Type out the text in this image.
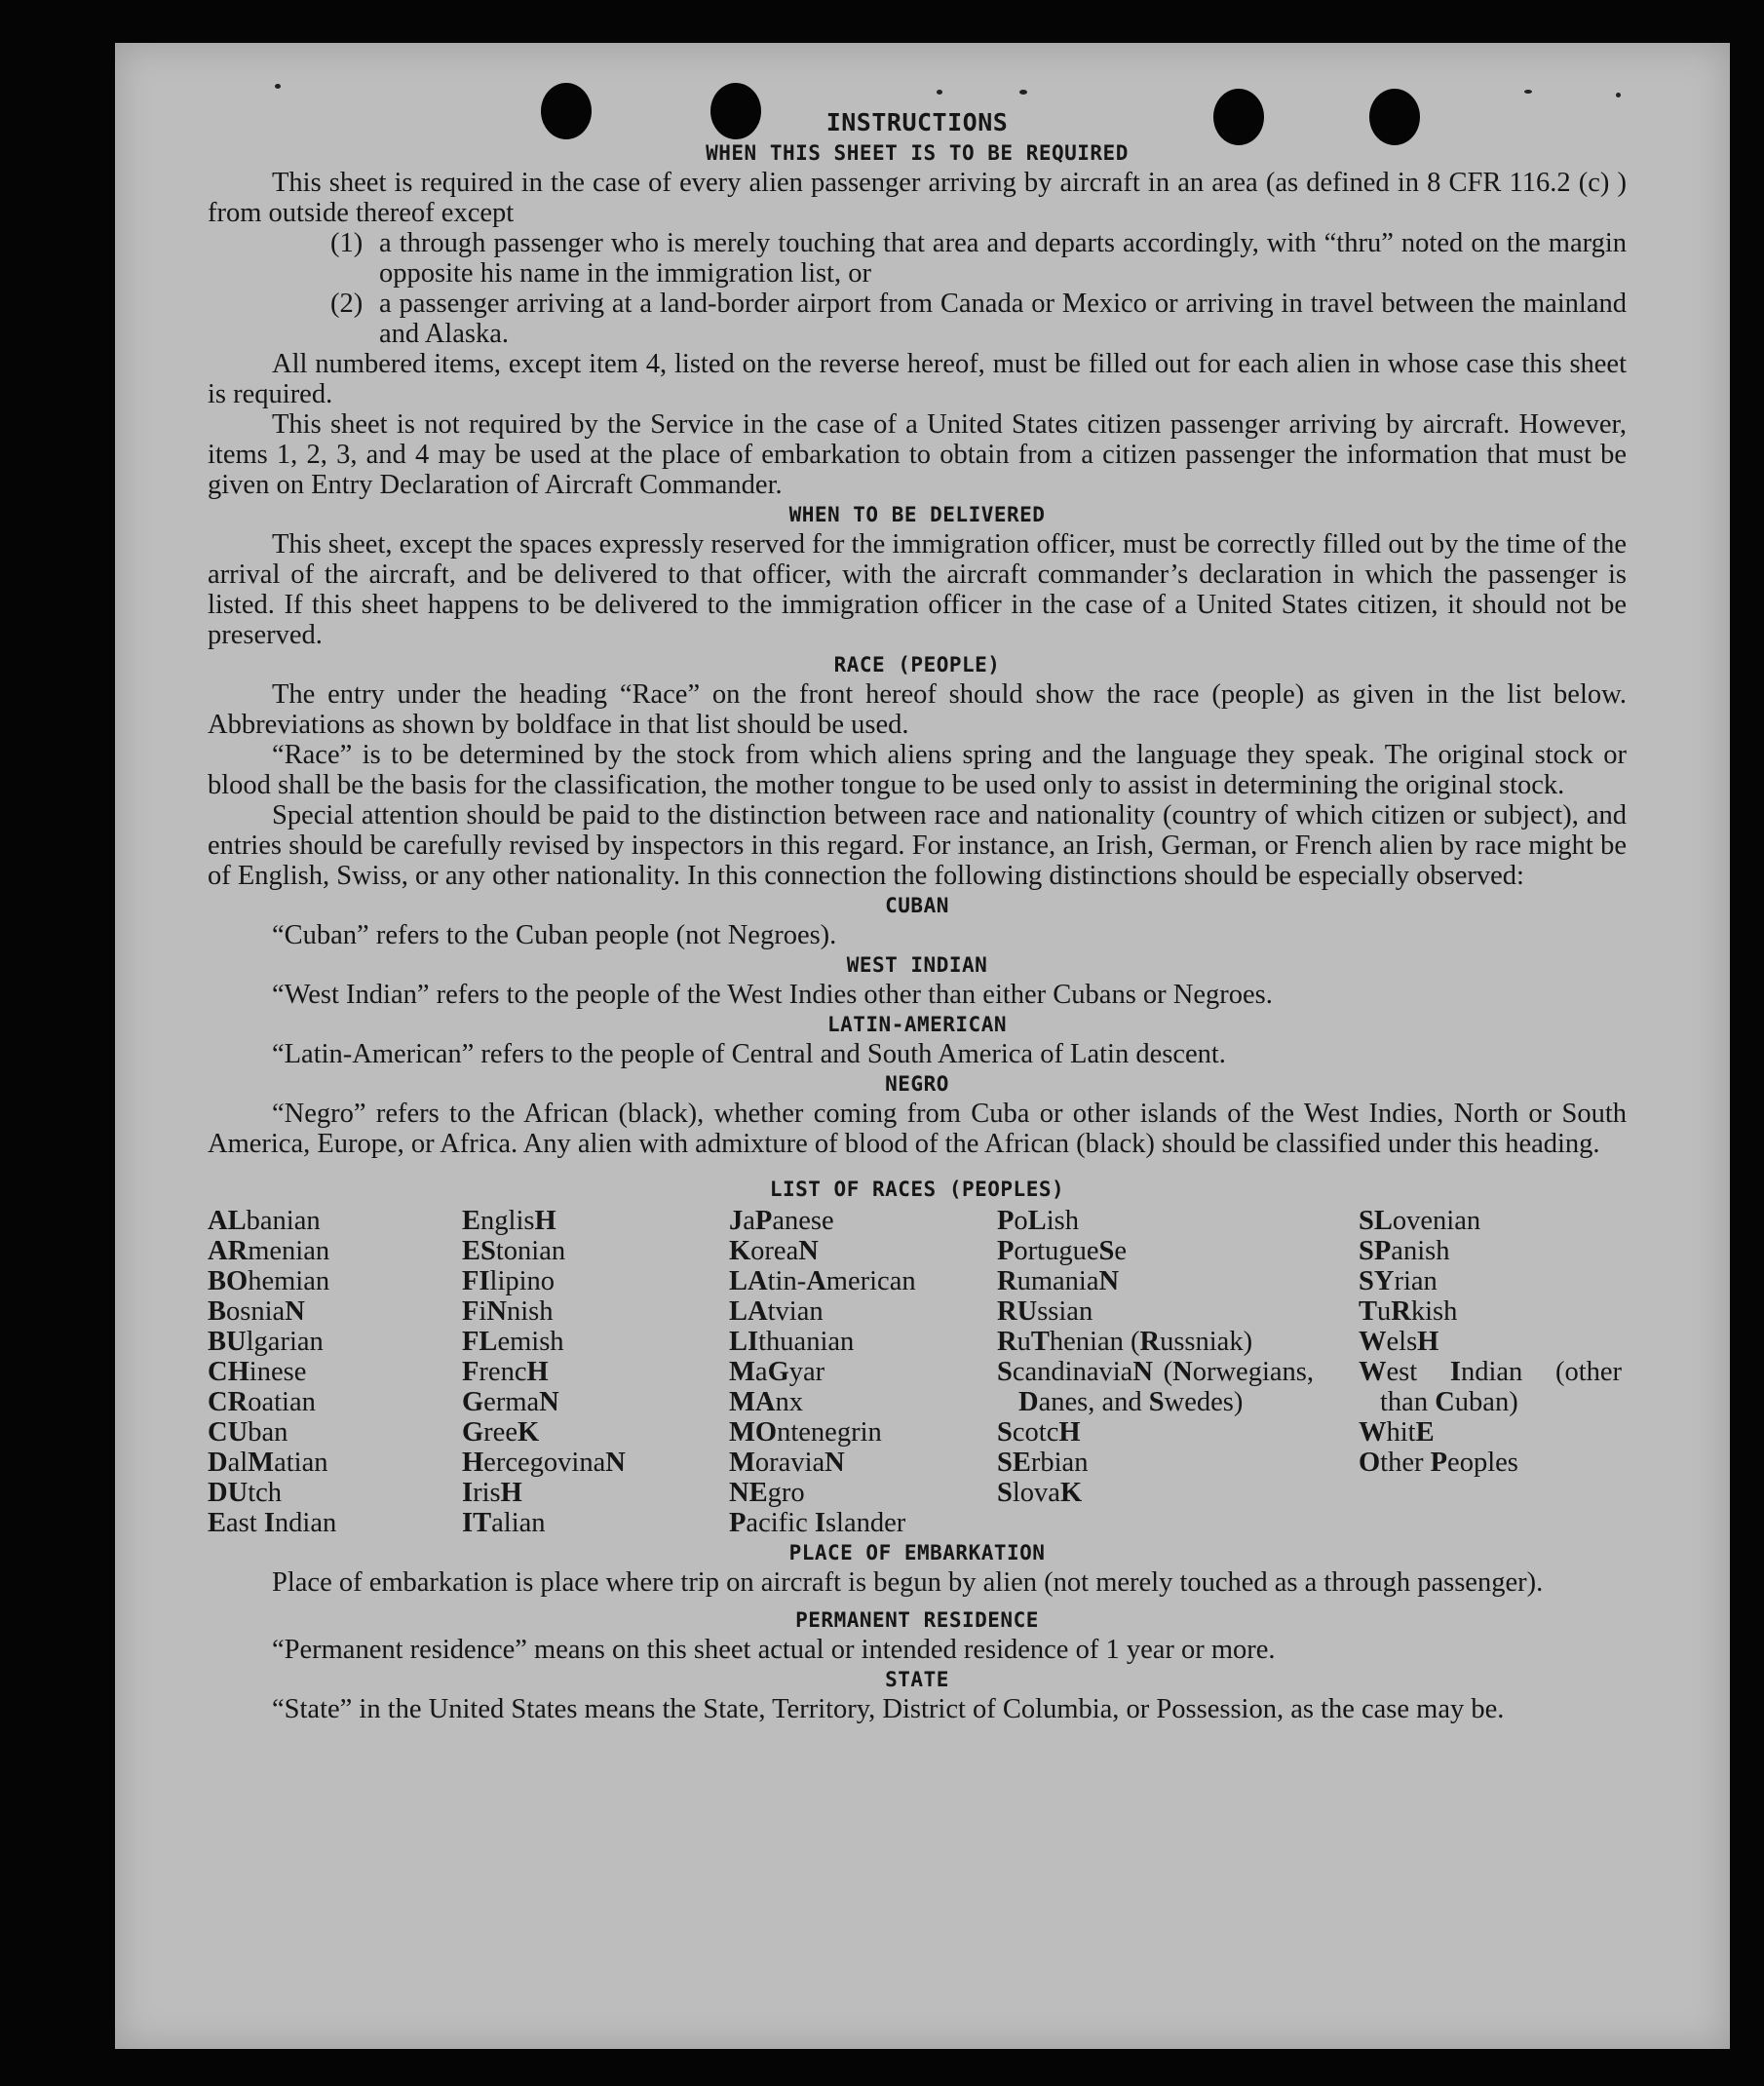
INSTRUCTIONS
WHEN THIS SHEET IS TO BE REQUIRED

This sheet is required in the case of every alien passenger arriving by aircraft in an area (as defined in 8 CFR 116.2 (c) ) from outside thereof except

(1) a through passenger who is merely touching that area and departs accordingly, with “thru” noted on the margin opposite his name in the immigration list, or
(2) a passenger arriving at a land-border airport from Canada or Mexico or arriving in travel between the mainland and Alaska.

All numbered items, except item 4, listed on the reverse hereof, must be filled out for each alien in whose case this sheet is required.

This sheet is not required by the Service in the case of a United States citizen passenger arriving by aircraft. However, items 1, 2, 3, and 4 may be used at the place of embarkation to obtain from a citizen passenger the information that must be given on Entry Declaration of Aircraft Commander.

WHEN TO BE DELIVERED

This sheet, except the spaces expressly reserved for the immigration officer, must be correctly filled out by the time of the arrival of the aircraft, and be delivered to that officer, with the aircraft commander’s declaration in which the passenger is listed. If this sheet happens to be delivered to the immigration officer in the case of a United States citizen, it should not be preserved.

RACE (PEOPLE)

The entry under the heading “Race” on the front hereof should show the race (people) as given in the list below. Abbreviations as shown by boldface in that list should be used.

“Race” is to be determined by the stock from which aliens spring and the language they speak. The original stock or blood shall be the basis for the classification, the mother tongue to be used only to assist in determining the original stock.

Special attention should be paid to the distinction between race and nationality (country of which citizen or subject), and entries should be carefully revised by inspectors in this regard. For instance, an Irish, German, or French alien by race might be of English, Swiss, or any other nationality. In this connection the following distinctions should be especially observed:

CUBAN

“Cuban” refers to the Cuban people (not Negroes).

WEST INDIAN

“West Indian” refers to the people of the West Indies other than either Cubans or Negroes.

LATIN-AMERICAN

“Latin-American” refers to the people of Central and South America of Latin descent.

NEGRO

“Negro” refers to the African (black), whether coming from Cuba or other islands of the West Indies, North or South America, Europe, or Africa. Any alien with admixture of blood of the African (black) should be classified under this heading.

LIST OF RACES (PEOPLES)
ALbanian
ARmenian
BOhemian
BosniaN
BUlgarian
CHinese
CRoatian
CUban
DalMatian
DUtch
East Indian
EnglisH
EStonian
FIlipino
FiNnish
FLemish
FrencH
GermaN
GreeK
HercegovinaN
IrisH
ITalian
JaPanese
KoreaN
LAtin-American
LAtvian
LIthuanian
MaGyar
MAnx
MOntenegrin
MoraviaN
NEgro
Pacific Islander
PoLish
PortugueSe
RumaniaN
RUssian
RuThenian (Russniak)
ScandinaviaN (Norwegians, Danes, and Swedes)
ScotcH
SErbian
SlovaK
SLovenian
SPanish
SYrian
TuRkish
WelsH
West Indian (other than Cuban)
WhitE
Other Peoples
PLACE OF EMBARKATION

Place of embarkation is place where trip on aircraft is begun by alien (not merely touched as a through passenger).

PERMANENT RESIDENCE

“Permanent residence” means on this sheet actual or intended residence of 1 year or more.

STATE

“State” in the United States means the State, Territory, District of Columbia, or Possession, as the case may be.
